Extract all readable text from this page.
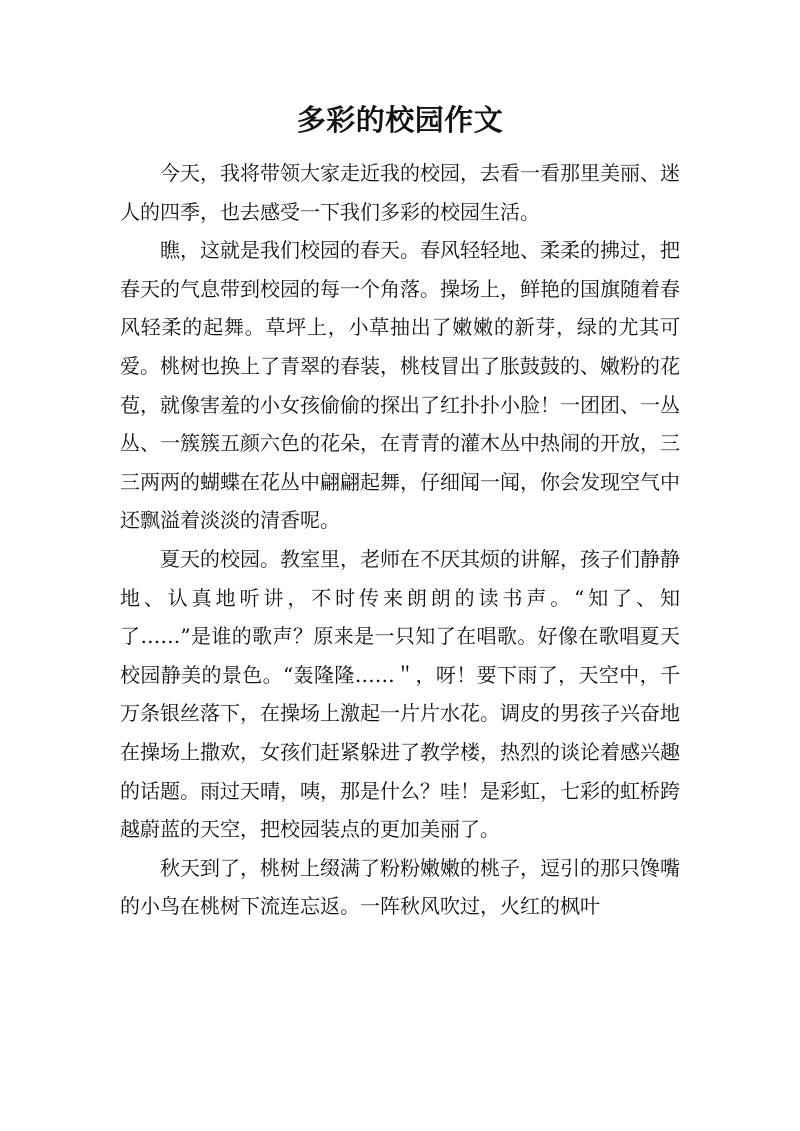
多彩的校园作文

今天，我将带领大家走近我的校园，去看一看那里美丽、迷人的四季，也去感受一下我们多彩的校园生活。

瞧，这就是我们校园的春天。春风轻轻地、柔柔的拂过，把春天的气息带到校园的每一个角落。操场上，鲜艳的国旗随着春风轻柔的起舞。草坪上，小草抽出了嫩嫩的新芽，绿的尤其可爱。桃树也换上了青翠的春装，桃枝冒出了胀鼓鼓的、嫩粉的花苞，就像害羞的小女孩偷偷的探出了红扑扑小脸！一团团、一丛丛、一簇簇五颜六色的花朵，在青青的灌木丛中热闹的开放，三三两两的蝴蝶在花丛中翩翩起舞，仔细闻一闻，你会发现空气中还飘溢着淡淡的清香呢。

夏天的校园。教室里，老师在不厌其烦的讲解，孩子们静静地、认真地听讲，不时传来朗朗的读书声。“知了、知了……”是谁的歌声？原来是一只知了在唱歌。好像在歌唱夏天校园静美的景色。“轰隆隆……＂，呀！要下雨了，天空中，千万条银丝落下，在操场上激起一片片水花。调皮的男孩子兴奋地在操场上撒欢，女孩们赶紧躲进了教学楼，热烈的谈论着感兴趣的话题。雨过天晴，咦，那是什么？哇！是彩虹，七彩的虹桥跨越蔚蓝的天空，把校园装点的更加美丽了。

秋天到了，桃树上缀满了粉粉嫩嫩的桃子，逗引的那只馋嘴的小鸟在桃树下流连忘返。一阵秋风吹过，火红的枫叶
